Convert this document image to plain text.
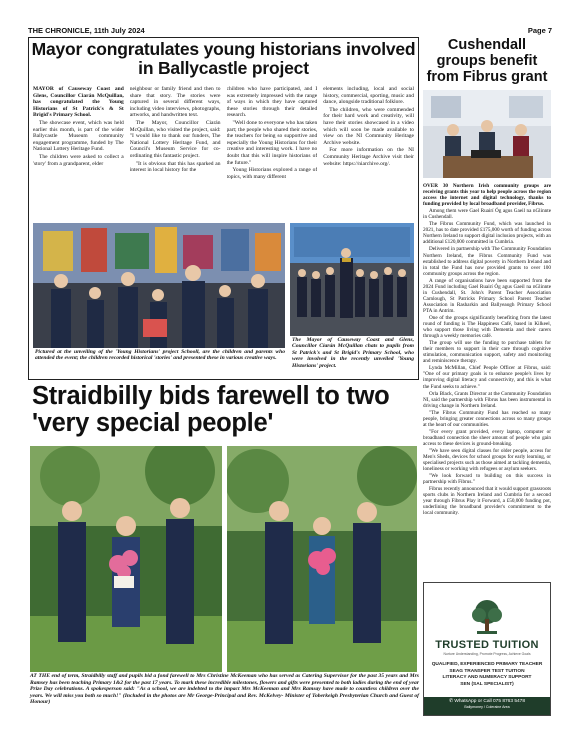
THE CHRONICLE, 11th July 2024	Page 7
Mayor congratulates young historians involved in Ballycastle project

MAYOR of Causeway Coast and Glens, Councillor Ciarán McQuillan, has congratulated the Young Historians of St Patrick's & St Brigid's Primary School.

The showcase event, which was held earlier this month, is part of the wider Ballycastle Museum community engagement programme, funded by The National Lottery Heritage Fund.

The children were asked to collect a 'story' from a grandparent, elder

neighbour or family friend and then to share that story. The stories were captured in several different ways, including video interviews, photographs, artworks, and handwritten text.

The Mayor, Councillor Ciarán McQuillan, who visited the project, said: "I would like to thank our funders, The National Lottery Heritage Fund, and Council's Museum Service for co-ordinating this fantastic project.

"It is obvious that this has sparked an interest in local history for the

children who have participated, and I was extremely impressed with the range of ways in which they have captured these stories through their detailed research.

"Well done to everyone who has taken part; the people who shared their stories, the teachers for being so supportive and especially the Young Historians for their creative and interesting work. I have no doubt that this will inspire historians of the future."

Young Historians explored a range of topics, with many different

elements including, local and social history, commercial, sporting, music and dance, alongside traditional folklore.

The children, who were commended for their hard work and creativity, will have their stories showcased in a video which will soon be made available to view on the NI Community Heritage Archive website.

For more information on the NI Community Heritage Archive visit their website: https://niarchive.org/.

Pictured at the unveiling of the 'Young Historians' project Schooll, are the children and parents who attended the event; the children recorded historical 'stories' and presented these in various creative ways.
The Mayor of Causeway Coast and Glens, Councillor Ciarán McQuillan chats to pupils from St Patrick's and St Brigid's Primary School, who were involved in the recently unveiled 'Young Historians' project.
Straidbilly bids farewell to two 'very special people'
AT THE end of term, Straidbilly staff and pupils bid a fond farewell to Mrs Christine McKeeman who has served as Catering Supervisor for the past 35 years and Mrs Ramsey has been teaching Primary 1&2 for the past 17 years. To mark these incredible milestones, flowers and gifts were presented to both ladies during the end of year Prize Day celebrations. A spokesperson said: "As a school, we are indebted to the impact Mrs McKeeman and Mrs Ramsay have made to countless children over the years. We will miss you both so much!" (Included in the photos are Mr George-Principal and Rev. McKelvey- Minister of Toberkeigh Presbyterian Church and Guest of Honour)
Cushendall groups benefit from Fibrus grant

OVER 30 Northern Irish community groups are receiving grants this year to help people across the region access the internet and digital technology, thanks to funding provided by local broadband provider, Fibrus.

Among them were Gael Ruairí Óg agus Gaeil na nGlinnte in Cushendall.

The Fibrus Community Fund, which was launched in 2021, has to date provided £175,000 worth of funding across Northern Ireland to support digital inclusion projects, with an additional £120,000 committed in Cumbria.

Delivered in partnership with The Community Foundation Northern Ireland, the Fibrus Community Fund was established to address digital poverty in Northern Ireland and in total the Fund has now provided grants to over 100 community groups across the region.

A range of organisations have been supported from the 2024 Fund including Gael Ruairí Óg agus Gaeil na nGlinnte in Cushendall, St. John's Parent Teacher Association Carnlough, St Patricks Primary School Parent Teacher Association in Rasharkin and Ballyeaogh Primary School PTA in Antrim.

One of the groups significantly benefiting from the latest round of funding is The Happiness Café, based in Kilkeel, who support those living with Dementia and their carers through a weekly memories café.

The group will use the funding to purchase tablets for their members to support in their care through cognitive stimulation, communication support, safety and monitoring and reminiscence therapy.

Lynda McMillan, Chief People Officer at Fibrus, said: "One of our primary goals is to enhance people's lives by improving digital literacy and connectivity, and this is what the Fund seeks to achieve."

Orla Black, Grants Director at the Community Foundation NI, said the partnership with Fibrus has been instrumental in driving change in Northern Ireland.

"The Fibrus Community Fund has reached so many people, bringing greater connections across so many groups at the heart of our communities.

"For every grant provided, every laptop, computer or broadband connection the sheer amount of people who gain access to these devices is ground-breaking.

"We have seen digital classes for older people, access for Men's Sheds, devices for school groups for early learning, or specialised projects such as those aimed at tackling dementia, loneliness or working with refugees or asylum seekers.

"We look forward to building on this success in partnership with Fibrus."

Fibrus recently announced that it would support grassroots sports clubs in Northern Ireland and Cumbria for a second year through Fibrus Play it Forward, a £50,000 funding pot, underlining the broadband provider's commitment to the local community.

TRUSTED TUITION
Nurture Understanding, Promote Progress, Achieve Goals
QUALIFIED, EXPERIENCED PRIMARY TEACHER
SEAG TRANSFER TEST TUITION
LITERACY AND NUMERACY SUPPORT
SEN (SAL SPECIALIST)
✆ WhatsApp or Call 075 8763 5478
Ballymoney / Coleraine Area
